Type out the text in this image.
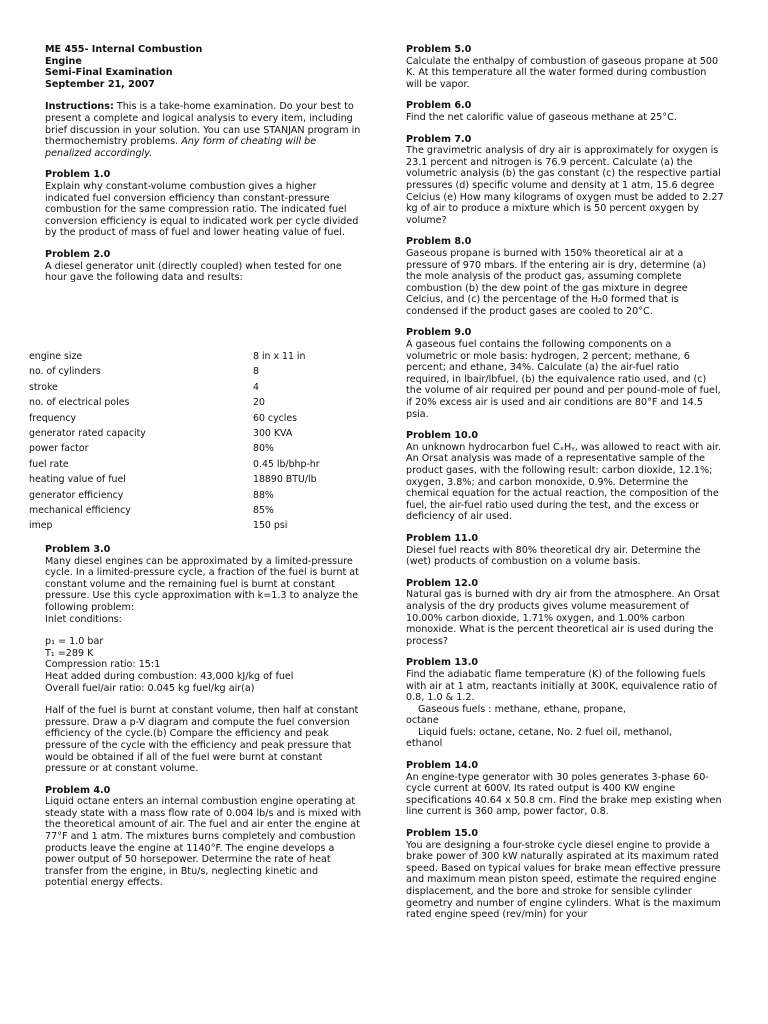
ME 455- Internal Combustion
Engine
Semi-Final Examination
September 21, 2007
Instructions: This is a take-home examination. Do your best to present a complete and logical analysis to every item, including brief discussion in your solution. You can use STANJAN program in thermochemistry problems. Any form of cheating will be penalized accordingly.
Problem 1.0

Explain why constant-volume combustion gives a higher indicated fuel conversion efficiency than constant-pressure combustion for the same compression ratio. The indicated fuel conversion efficiency is equal to indicated work per cycle divided by the product of mass of fuel and lower heating value of fuel.

Problem 2.0

A diesel generator unit (directly coupled) when tested for one hour gave the following data and results:

engine size	8 in x 11 in
no. of cylinders	8
stroke	4
no. of electrical poles	20
frequency	60 cycles
generator rated capacity	300 KVA
power factor	80%
fuel rate	0.45 lb/bhp-hr
heating value of fuel	18890 BTU/lb
generator efficiency	88%
mechanical efficiency	85%
imep	150 psi
Problem 3.0

Many diesel engines can be approximated by a limited-pressure cycle. In a limited-pressure cycle, a fraction of the fuel is burnt at constant volume and the remaining fuel is burnt at constant pressure. Use this cycle approximation with k=1.3 to analyze the following problem:

Inlet conditions:

p₁ = 1.0 bar

T₁ =289 K

Compression ratio: 15:1

Heat added during combustion: 43,000 kJ/kg of fuel

Overall fuel/air ratio: 0.045 kg fuel/kg air(a)

Half of the fuel is burnt at constant volume, then half at constant pressure. Draw a p-V diagram and compute the fuel conversion efficiency of the cycle.(b) Compare the efficiency and peak pressure of the cycle with the efficiency and peak pressure that would be obtained if all of the fuel were burnt at constant pressure or at constant volume.

Problem 4.0

Liquid octane enters an internal combustion engine operating at steady state with a mass flow rate of 0.004 lb/s and is mixed with the theoretical amount of air. The fuel and air enter the engine at 77°F and 1 atm. The mixtures burns completely and combustion products leave the engine at 1140°F. The engine develops a power output of 50 horsepower. Determine the rate of heat transfer from the engine, in Btu/s, neglecting kinetic and potential energy effects.

Problem 5.0

Calculate the enthalpy of combustion of gaseous propane at 500 K. At this temperature all the water formed during combustion will be vapor.

Problem 6.0

Find the net calorific value of gaseous methane at 25°C.

Problem 7.0

The gravimetric analysis of dry air is approximately for oxygen is 23.1 percent and nitrogen is 76.9 percent. Calculate (a) the volumetric analysis (b) the gas constant (c) the respective partial pressures (d) specific volume and density at 1 atm, 15.6 degree Celcius (e) How many kilograms of oxygen must be added to 2.27 kg of air to produce a mixture which is 50 percent oxygen by volume?

Problem 8.0

Gaseous propane is burned with 150% theoretical air at a pressure of 970 mbars. If the entering air is dry, determine (a) the mole analysis of the product gas, assuming complete combustion (b) the dew point of the gas mixture in degree Celcius, and (c) the percentage of the H₂0 formed that is condensed if the product gases are cooled to 20°C.

Problem 9.0

A gaseous fuel contains the following components on a volumetric or mole basis: hydrogen, 2 percent; methane, 6 percent; and ethane, 34%. Calculate (a) the air-fuel ratio required, in lbair/lbfuel, (b) the equivalence ratio used, and (c) the volume of air required per pound and per pound-mole of fuel, if 20% excess air is used and air conditions are 80°F and 14.5 psia.

Problem 10.0

An unknown hydrocarbon fuel CₓHᵧ, was allowed to react with air. An Orsat analysis was made of a representative sample of the product gases, with the following result: carbon dioxide, 12.1%; oxygen, 3.8%; and carbon monoxide, 0.9%. Determine the chemical equation for the actual reaction, the composition of the fuel, the air-fuel ratio used during the test, and the excess or deficiency of air used.

Problem 11.0

Diesel fuel reacts with 80% theoretical dry air. Determine the (wet) products of combustion on a volume basis.

Problem 12.0

Natural gas is burned with dry air from the atmosphere. An Orsat analysis of the dry products gives volume measurement of 10.00% carbon dioxide, 1.71% oxygen, and 1.00% carbon monoxide. What is the percent theoretical air is used during the process?

Problem 13.0

Find the adiabatic flame temperature (K) of the following fuels with air at 1 atm, reactants initially at 300K, equivalence ratio of 0.8, 1.0 & 1.2.

Gaseous fuels : methane, ethane, propane,

octane

Liquid fuels: octane, cetane, No. 2 fuel oil, methanol,

ethanol

Problem 14.0

An engine-type generator with 30 poles generates 3-phase 60-cycle current at 600V. Its rated output is 400 KW engine specifications 40.64 x 50.8 cm. Find the brake mep existing when line current is 360 amp, power factor, 0.8.

Problem 15.0

You are designing a four-stroke cycle diesel engine to provide a brake power of 300 kW naturally aspirated at its maximum rated speed. Based on typical values for brake mean effective pressure and maximum mean piston speed, estimate the required engine displacement, and the bore and stroke for sensible cylinder geometry and number of engine cylinders. What is the maximum rated engine speed (rev/min) for your
